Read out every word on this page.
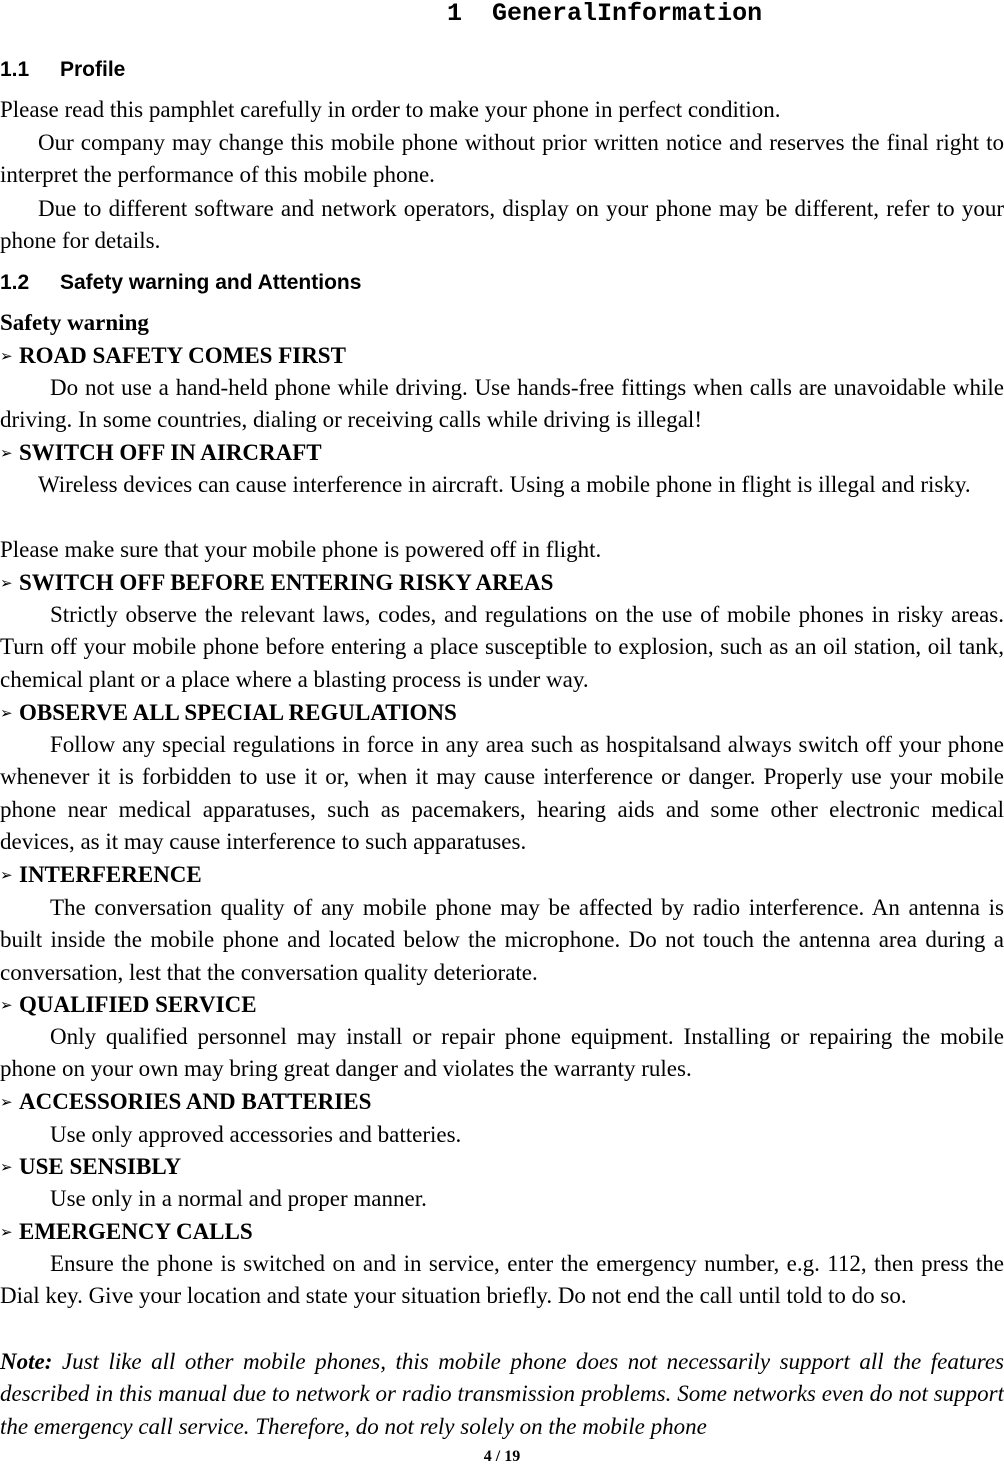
1 GeneralInformation
1.1 Profile

Please read this pamphlet carefully in order to make your phone in perfect condition.

Our company may change this mobile phone without prior written notice and reserves the final right to interpret the performance of this mobile phone.

Due to different software and network operators, display on your phone may be different, refer to your phone for details.

1.2 Safety warning and Attentions

Safety warning

➢ ROAD SAFETY COMES FIRST

Do not use a hand-held phone while driving. Use hands-free fittings when calls are unavoidable while driving. In some countries, dialing or receiving calls while driving is illegal!

➢ SWITCH OFF IN AIRCRAFT

Wireless devices can cause interference in aircraft. Using a mobile phone in flight is illegal and risky.

Please make sure that your mobile phone is powered off in flight.

➢ SWITCH OFF BEFORE ENTERING RISKY AREAS

Strictly observe the relevant laws, codes, and regulations on the use of mobile phones in risky areas. Turn off your mobile phone before entering a place susceptible to explosion, such as an oil station, oil tank, chemical plant or a place where a blasting process is under way.

➢ OBSERVE ALL SPECIAL REGULATIONS

Follow any special regulations in force in any area such as hospitalsand always switch off your phone whenever it is forbidden to use it or, when it may cause interference or danger. Properly use your mobile phone near medical apparatuses, such as pacemakers, hearing aids and some other electronic medical devices, as it may cause interference to such apparatuses.

➢ INTERFERENCE

The conversation quality of any mobile phone may be affected by radio interference. An antenna is built inside the mobile phone and located below the microphone. Do not touch the antenna area during a conversation, lest that the conversation quality deteriorate.

➢ QUALIFIED SERVICE

Only qualified personnel may install or repair phone equipment. Installing or repairing the mobile phone on your own may bring great danger and violates the warranty rules.

➢ ACCESSORIES AND BATTERIES

Use only approved accessories and batteries.

➢ USE SENSIBLY

Use only in a normal and proper manner.

➢ EMERGENCY CALLS

Ensure the phone is switched on and in service, enter the emergency number, e.g. 112, then press the Dial key. Give your location and state your situation briefly. Do not end the call until told to do so.

Note: Just like all other mobile phones, this mobile phone does not necessarily support all the features described in this manual due to network or radio transmission problems. Some networks even do not support the emergency call service. Therefore, do not rely solely on the mobile phone

4 / 19
